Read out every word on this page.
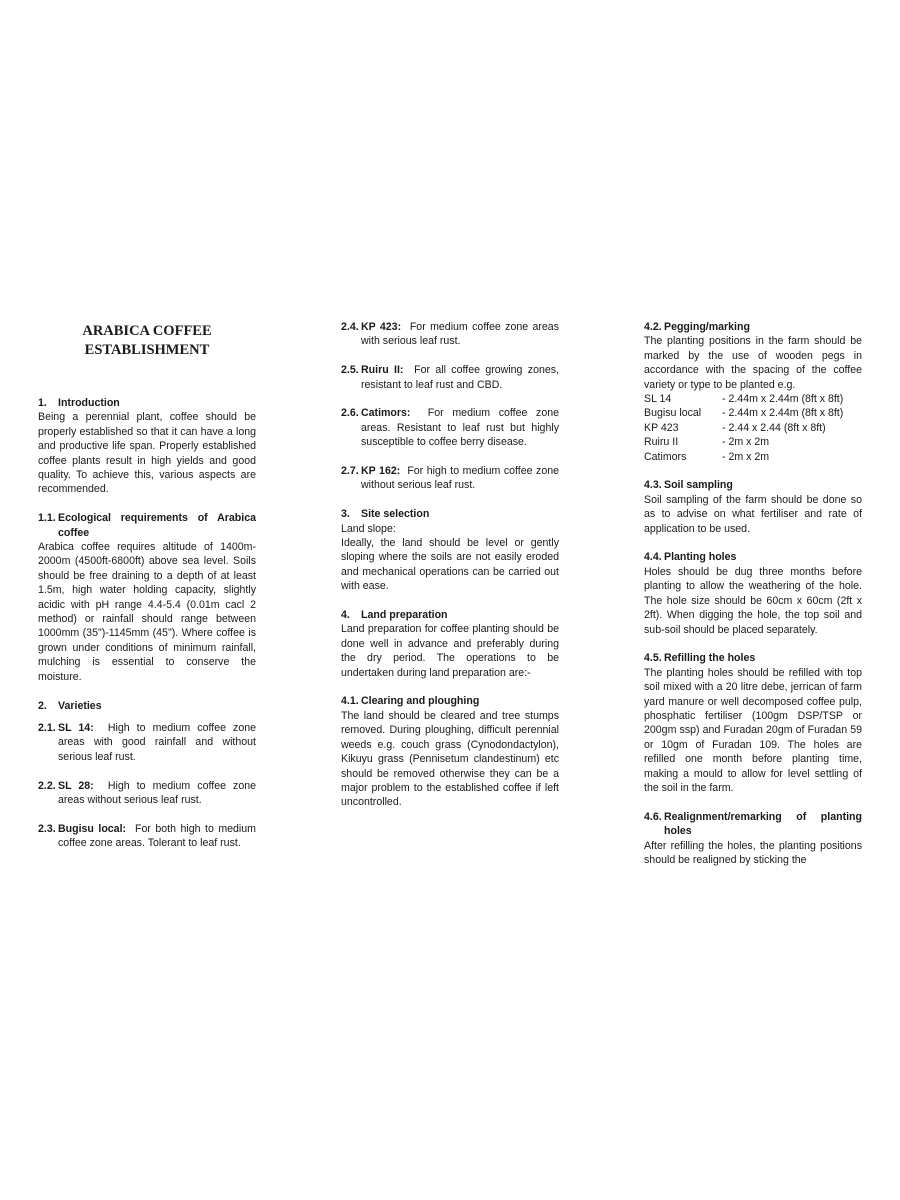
ARABICA COFFEE
ESTABLISHMENT
1. Introduction
Being a perennial plant, coffee should be properly established so that it can have a long and productive life span. Properly established coffee plants result in high yields and good quality. To achieve this, various aspects are recommended.
1.1. Ecological requirements of Arabica coffee
Arabica coffee requires altitude of 1400m-2000m (4500ft-6800ft) above sea level. Soils should be free draining to a depth of at least 1.5m, high water holding capacity, slightly acidic with pH range 4.4-5.4 (0.01m cacl 2 method) or rainfall should range between 1000mm (35")-1145mm (45"). Where coffee is grown under conditions of minimum rainfall, mulching is essential to conserve the moisture.
2. Varieties
2.1. SL 14: High to medium coffee zone areas with good rainfall and without serious leaf rust.
2.2. SL 28: High to medium coffee zone areas without serious leaf rust.
2.3. Bugisu local: For both high to medium coffee zone areas. Tolerant to leaf rust.
2.4. KP 423: For medium coffee zone areas with serious leaf rust.
2.5. Ruiru II: For all coffee growing zones, resistant to leaf rust and CBD.
2.6. Catimors: For medium coffee zone areas. Resistant to leaf rust but highly susceptible to coffee berry disease.
2.7. KP 162: For high to medium coffee zone without serious leaf rust.
3. Site selection
Land slope:
Ideally, the land should be level or gently sloping where the soils are not easily eroded and mechanical operations can be carried out with ease.
4. Land preparation
Land preparation for coffee planting should be done well in advance and preferably during the dry period. The operations to be undertaken during land preparation are:-
4.1. Clearing and ploughing
The land should be cleared and tree stumps removed. During ploughing, difficult perennial weeds e.g. couch grass (Cynodondactylon), Kikuyu grass (Pennisetum clandestinum) etc should be removed otherwise they can be a major problem to the established coffee if left uncontrolled.
4.2. Pegging/marking
The planting positions in the farm should be marked by the use of wooden pegs in accordance with the spacing of the coffee variety or type to be planted e.g.
SL 14	- 2.44m x 2.44m (8ft x 8ft)
Bugisu local	- 2.44m x 2.44m (8ft x 8ft)
KP 423	- 2.44 x 2.44 (8ft x 8ft)
Ruiru II	- 2m x 2m
Catimors	- 2m x 2m
4.3. Soil sampling
Soil sampling of the farm should be done so as to advise on what fertiliser and rate of application to be used.
4.4. Planting holes
Holes should be dug three months before planting to allow the weathering of the hole. The hole size should be 60cm x 60cm (2ft x 2ft). When digging the hole, the top soil and sub-soil should be placed separately.
4.5. Refilling the holes
The planting holes should be refilled with top soil mixed with a 20 litre debe, jerrican of farm yard manure or well decomposed coffee pulp, phosphatic fertiliser (100gm DSP/TSP or 200gm ssp) and Furadan 20gm of Furadan 59 or 10gm of Furadan 109. The holes are refilled one month before planting time, making a mould to allow for level settling of the soil in the farm.
4.6. Realignment/remarking of planting holes
After refilling the holes, the planting positions should be realigned by sticking the
